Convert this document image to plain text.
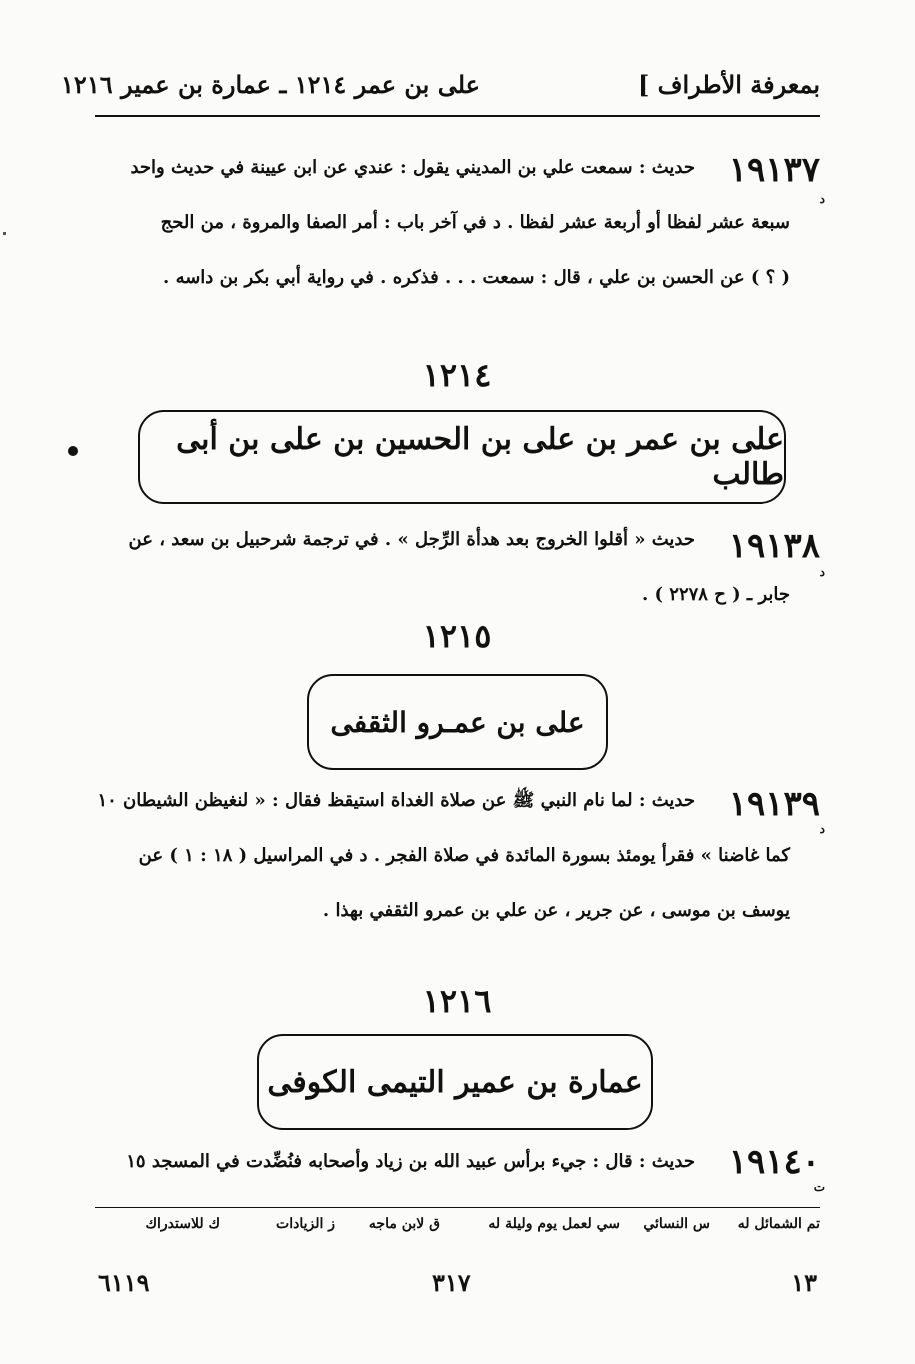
بمعرفة الأطراف ]
على بن عمر ١٢١٤ ـ عمارة بن عمير ١٢١٦
١٩١٣٧
د
حديث : سمعت علي بن المديني يقول : عندي عن ابن عيينة في حديث واحد
سبعة عشر لفظا أو أربعة عشر لفظا . د في آخر باب : أمر الصفا والمروة ، من الحج
( ؟ ) عن الحسن بن علي ، قال : سمعت . . . فذكره . في رواية أبي بكر بن داسه .
١٢١٤
على بن عمر بن على بن الحسين بن على بن أبى طالب
١٩١٣٨
د
حديث « أقلوا الخروج بعد هدأة الرِّجل » . في ترجمة شرحبيل بن سعد ، عن
جابر ـ ( ح ٢٢٧٨ ) .
١٢١٥
على بن عمـرو الثقفى
١٩١٣٩
د
حديث : لما نام النبي ﷺ عن صلاة الغداة استيقظ فقال : « لنغيظن الشيطان ١٠
كما غاضنا » فقرأ يومئذ بسورة المائدة في صلاة الفجر . د في المراسيل ( ١٨ : ١ ) عن
يوسف بن موسى ، عن جرير ، عن علي بن عمرو الثقفي بهذا .
١٢١٦
عمارة بن عمير التيمى الكوفى
١٩١٤٠
ت
حديث : قال : جيء برأس عبيد الله بن زياد وأصحابه فنُضِّدت في المسجد ١٥
تم الشمائل له
س النسائي
سي لعمل يوم وليلة له
ق لابن ماجه
ز الزيادات
ك للاستدراك
١٣
٣١٧
٦١١٩
